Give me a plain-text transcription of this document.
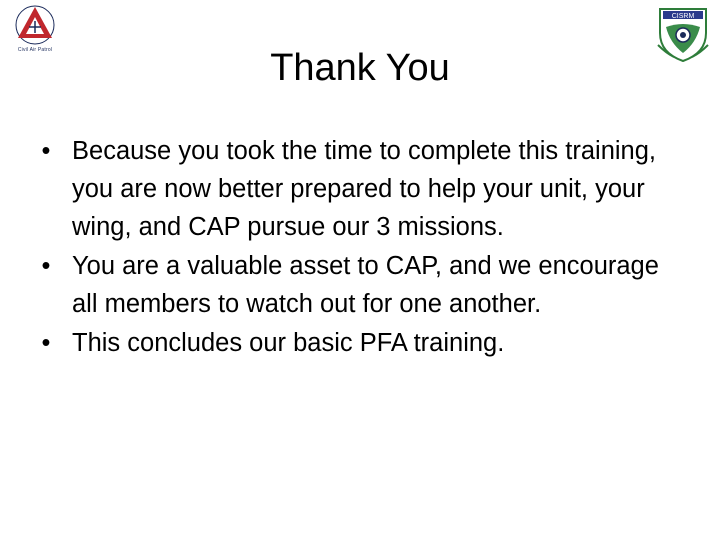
Civil Air Patrol
CISRM
Thank You
• Because you took the time to complete this training, you are now better prepared to help your unit, your wing, and CAP pursue our 3 missions.
• You are a valuable asset to CAP, and we encourage all members to watch out for one another.
• This concludes our basic PFA training.
